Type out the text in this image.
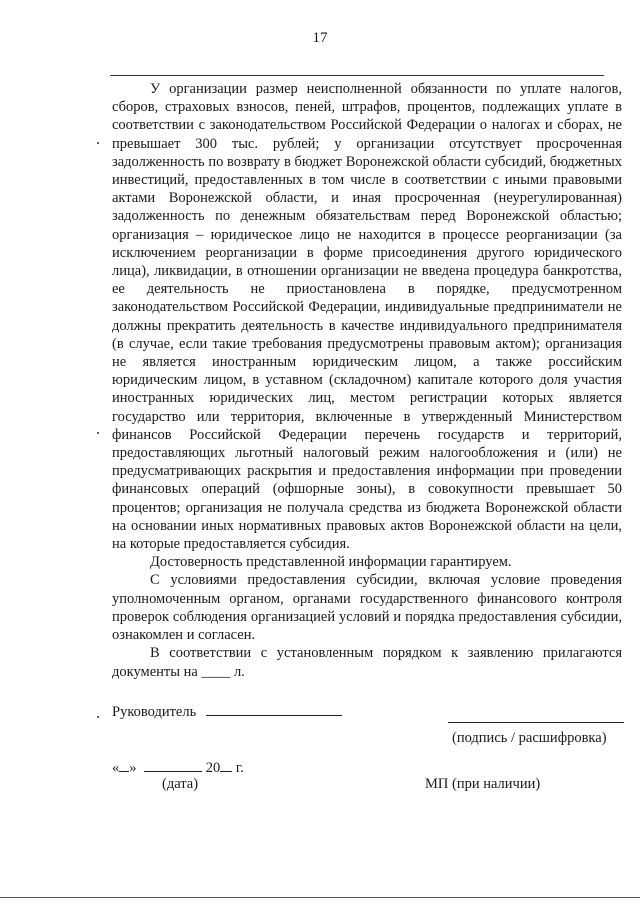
17

У организации размер неисполненной обязанности по уплате налогов, сборов, страховых взносов, пеней, штрафов, процентов, подлежащих уплате в соответствии с законодательством Российской Федерации о налогах и сборах, не превышает 300 тыс. рублей; у организации отсутствует просроченная задолженность по возврату в бюджет Воронежской области субсидий, бюджетных инвестиций, предоставленных в том числе в соответствии с иными правовыми актами Воронежской области, и иная просроченная (неурегулированная) задолженность по денежным обязательствам перед Воронежской областью; организация – юридическое лицо не находится в процессе реорганизации (за исключением реорганизации в форме присоединения другого юридического лица), ликвидации, в отношении организации не введена процедура банкротства, ее деятельность не приостановлена в порядке, предусмотренном законодательством Российской Федерации, индивидуальные предприниматели не должны прекратить деятельность в качестве индивидуального предпринимателя (в случае, если такие требования предусмотрены правовым актом); организация не является иностранным юридическим лицом, а также российским юридическим лицом, в уставном (складочном) капитале которого доля участия иностранных юридических лиц, местом регистрации которых является государство или территория, включенные в утвержденный Министерством финансов Российской Федерации перечень государств и территорий, предоставляющих льготный налоговый режим налогообложения и (или) не предусматривающих раскрытия и предоставления информации при проведении финансовых операций (офшорные зоны), в совокупности превышает 50 процентов; организация не получала средства из бюджета Воронежской области на основании иных нормативных правовых актов Воронежской области на цели, на которые предоставляется субсидия.

Достоверность представленной информации гарантируем.

С условиями предоставления субсидии, включая условие проведения уполномоченным органом, органами государственного финансового контроля проверок соблюдения организацией условий и порядка предоставления субсидии, ознакомлен и согласен.

В соответствии с установленным порядком к заявлению прилагаются документы на ____ л.

Руководитель
(подпись / расшифровка)
« »	20 г.
(дата)	МП (при наличии)
